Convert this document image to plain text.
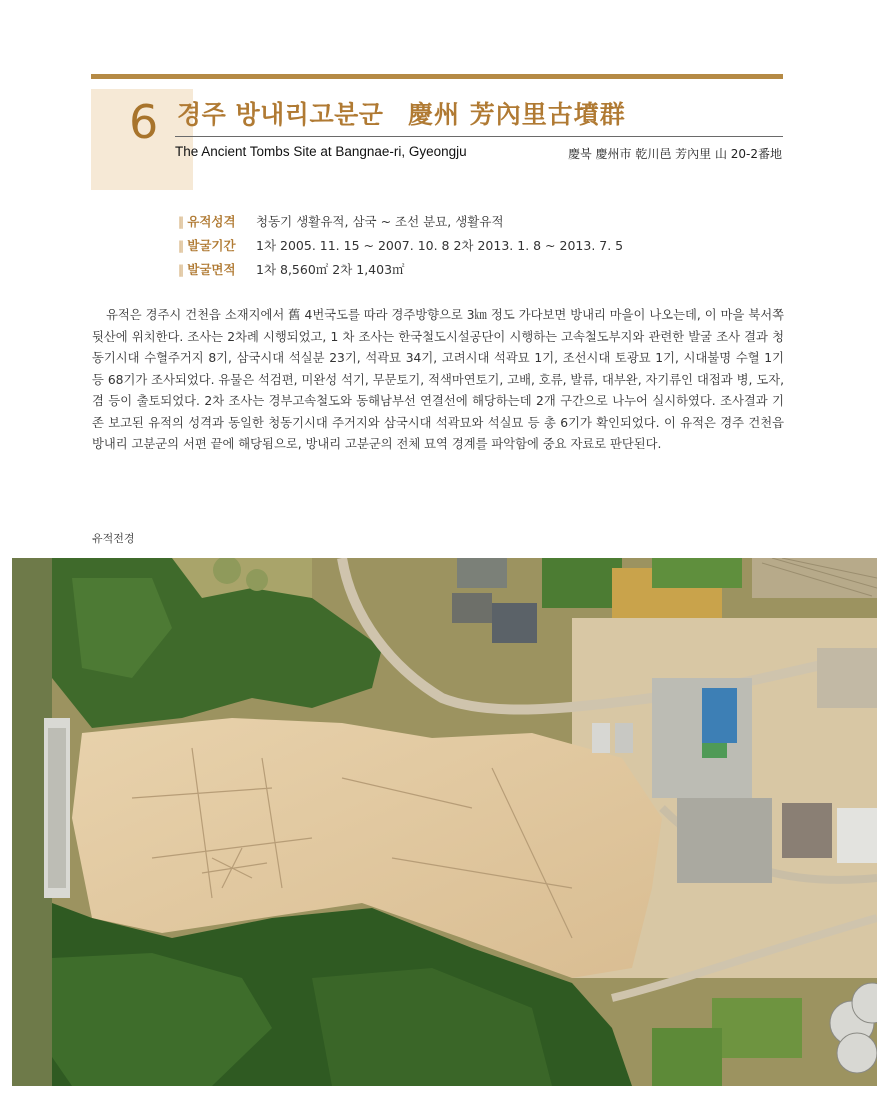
6 경주 방내리고분군 慶州 芳內里古墳群
The Ancient Tombs Site at Bangnae-ri, Gyeongju	慶북 慶州市 乾川邑 芳內里 山 20-2番地
∥ 유적성격 청동기 생활유적, 삼국 ~ 조선 분묘, 생활유적
∥ 발굴기간 1차 2005. 11. 15 ~ 2007. 10. 8 2차 2013. 1. 8 ~ 2013. 7. 5
∥ 발굴면적 1차 8,560㎡ 2차 1,403㎡

유적은 경주시 건천읍 소재지에서 舊 4번국도를 따라 경주방향으로 3㎞ 정도 가다보면 방내리 마을이 나오는데, 이 마을 북서쪽 뒷산에 위치한다. 조사는 2차례 시행되었고, 1 차 조사는 한국철도시설공단이 시행하는 고속철도부지와 관련한 발굴 조사 결과 청동기시대 수혈주거지 8기, 삼국시대 석실분 23기, 석곽묘 34기, 고려시대 석곽묘 1기, 조선시대 토광묘 1기, 시대불명 수혈 1기 등 68기가 조사되었다. 유물은 석검편, 미완성 석기, 무문토기, 적색마연토기, 고배, 호류, 발류, 대부완, 자기류인 대접과 병, 도자, 겸 등이 출토되었다. 2차 조사는 경부고속철도와 동해남부선 연결선에 해당하는데 2개 구간으로 나누어 실시하였다. 조사결과 기존 보고된 유적의 성격과 동일한 청동기시대 주거지와 삼국시대 석곽묘와 석실묘 등 총 6기가 확인되었다. 이 유적은 경주 건천읍 방내리 고분군의 서편 끝에 해당됨으로, 방내리 고분군의 전체 묘역 경계를 파악함에 중요 자료로 판단된다.

유적전경
